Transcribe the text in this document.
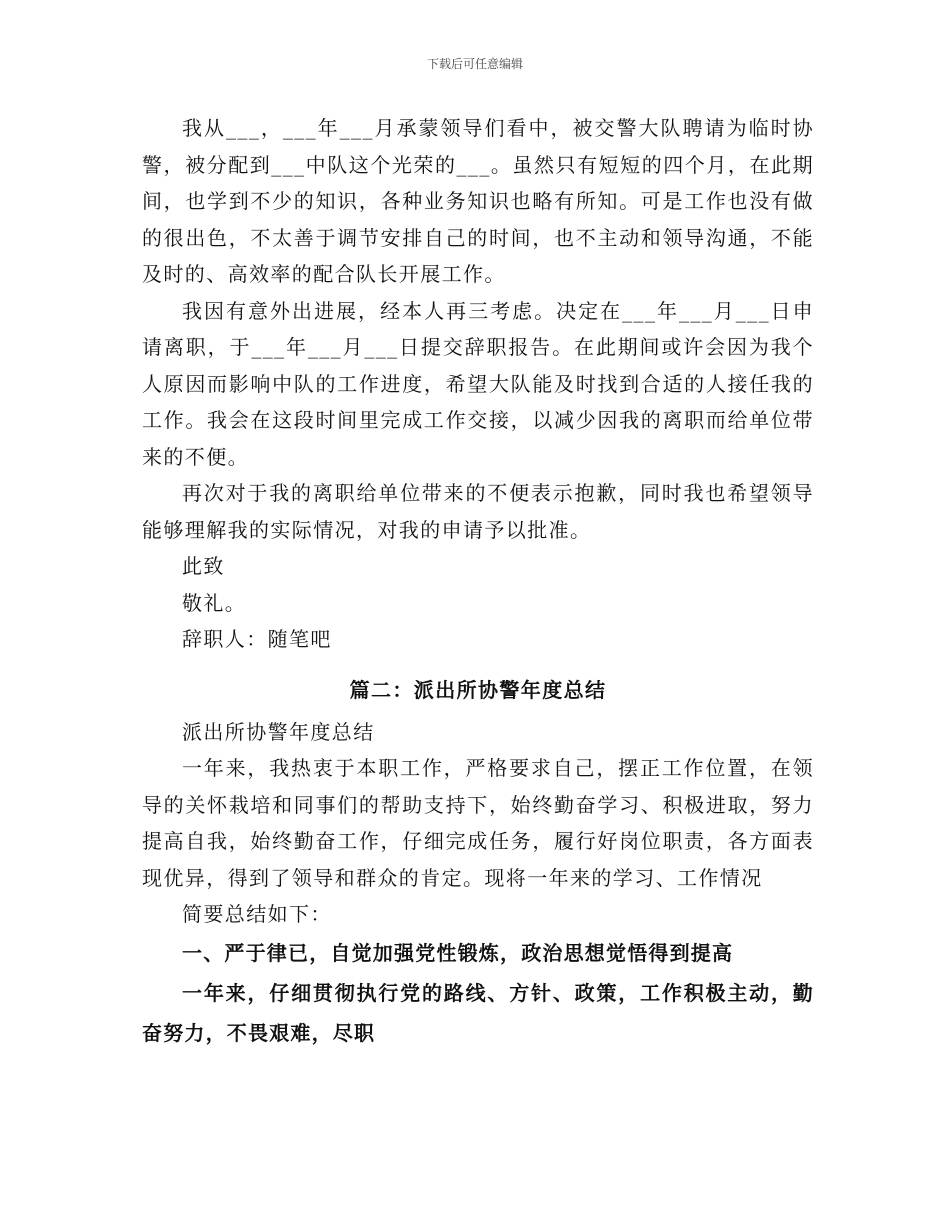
下载后可任意编辑

我从___，___年___月承蒙领导们看中，被交警大队聘请为临时协警，被分配到___中队这个光荣的___。虽然只有短短的四个月，在此期间，也学到不少的知识，各种业务知识也略有所知。可是工作也没有做的很出色，不太善于调节安排自己的时间，也不主动和领导沟通，不能及时的、高效率的配合队长开展工作。

我因有意外出进展，经本人再三考虑。决定在___年___月___日申请离职，于___年___月___日提交辞职报告。在此期间或许会因为我个人原因而影响中队的工作进度，希望大队能及时找到合适的人接任我的工作。我会在这段时间里完成工作交接，以减少因我的离职而给单位带来的不便。

再次对于我的离职给单位带来的不便表示抱歉，同时我也希望领导能够理解我的实际情况，对我的申请予以批准。

此致

敬礼。

辞职人：随笔吧

篇二：派出所协警年度总结

派出所协警年度总结

一年来，我热衷于本职工作，严格要求自己，摆正工作位置，在领导的关怀栽培和同事们的帮助支持下，始终勤奋学习、积极进取，努力提高自我，始终勤奋工作，仔细完成任务，履行好岗位职责，各方面表现优异，得到了领导和群众的肯定。现将一年来的学习、工作情况

简要总结如下：

一、严于律已，自觉加强党性锻炼，政治思想觉悟得到提高

一年来，仔细贯彻执行党的路线、方针、政策，工作积极主动，勤奋努力，不畏艰难，尽职
